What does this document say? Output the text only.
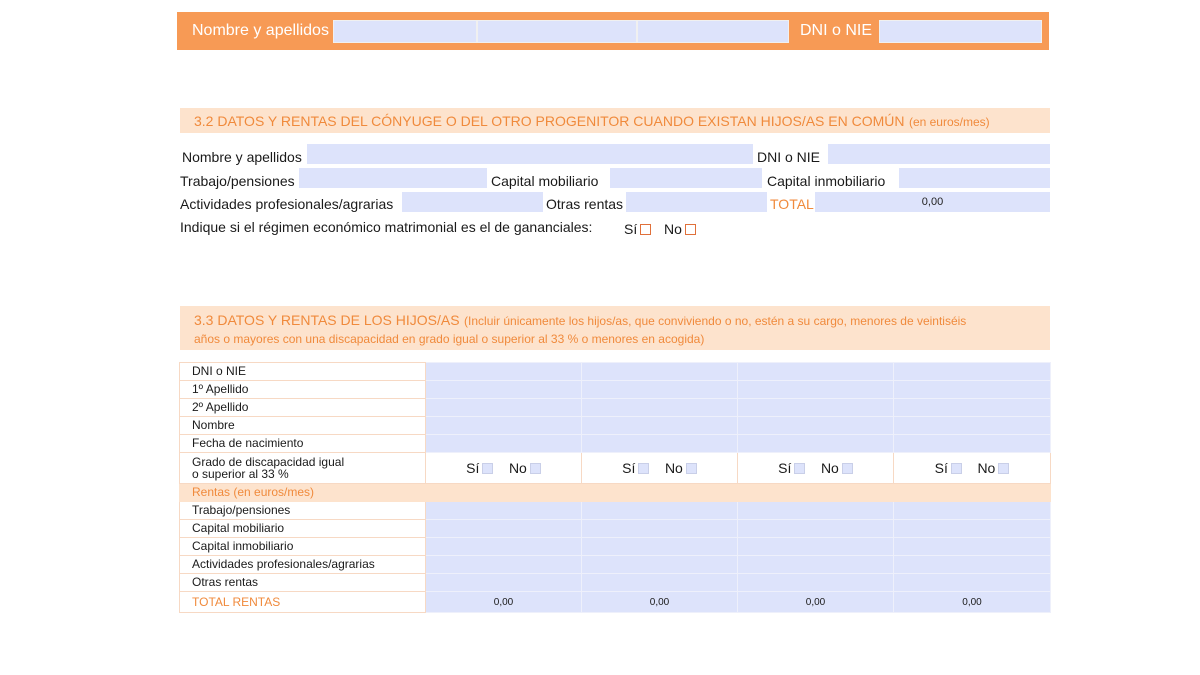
Nombre y apellidos	DNI o NIE
3.2 DATOS Y RENTAS DEL CÓNYUGE O DEL OTRO PROGENITOR CUANDO EXISTAN HIJOS/AS EN COMÚN (en euros/mes)
Nombre y apellidos	DNI o NIE
Trabajo/pensiones	Capital mobiliario	Capital inmobiliario
Actividades profesionales/agrarias	Otras rentas	TOTAL	0,00
Indique si el régimen económico matrimonial es el de gananciales: Sí	No
3.3 DATOS Y RENTAS DE LOS HIJOS/AS (Incluir únicamente los hijos/as, que conviviendo o no, estén a su cargo, menores de veintiséis
años o mayores con una discapacidad en grado igual o superior al 33 % o menores en acogida)
DNI o NIE				
1º Apellido				
2º Apellido				
Nombre				
Fecha de nacimiento				
Grado de discapacidad igual
o superior al 33 %	Sí No	Sí No	Sí No	Sí No
Rentas (en euros/mes)				
Trabajo/pensiones				
Capital mobiliario				
Capital inmobiliario				
Actividades profesionales/agrarias				
Otras rentas				
TOTAL RENTAS	0,00	0,00	0,00	0,00
